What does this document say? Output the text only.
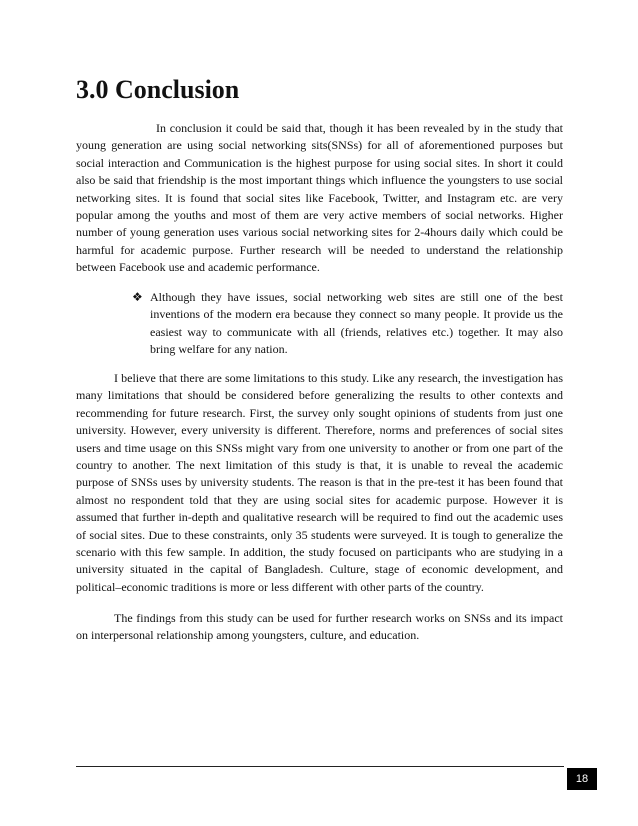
3.0 Conclusion

In conclusion it could be said that, though it has been revealed by in the study that young generation are using social networking sits(SNSs) for all of aforementioned purposes but social interaction and Communication is the highest purpose for using social sites. In short it could also be said that friendship is the most important things which influence the youngsters to use social networking sites. It is found that social sites like Facebook, Twitter, and Instagram etc. are very popular among the youths and most of them are very active members of social networks. Higher number of young generation uses various social networking sites for 2-4hours daily which could be harmful for academic purpose. Further research will be needed to understand the relationship between Facebook use and academic performance.

❖ Although they have issues, social networking web sites are still one of the best inventions of the modern era because they connect so many people. It provide us the easiest way to communicate with all (friends, relatives etc.) together. It may also bring welfare for any nation.

I believe that there are some limitations to this study. Like any research, the investigation has many limitations that should be considered before generalizing the results to other contexts and recommending for future research. First, the survey only sought opinions of students from just one university. However, every university is different. Therefore, norms and preferences of social sites users and time usage on this SNSs might vary from one university to another or from one part of the country to another. The next limitation of this study is that, it is unable to reveal the academic purpose of SNSs uses by university students. The reason is that in the pre-test it has been found that almost no respondent told that they are using social sites for academic purpose. However it is assumed that further in-depth and qualitative research will be required to find out the academic uses of social sites. Due to these constraints, only 35 students were surveyed. It is tough to generalize the scenario with this few sample. In addition, the study focused on participants who are studying in a university situated in the capital of Bangladesh. Culture, stage of economic development, and political–economic traditions is more or less different with other parts of the country.

The findings from this study can be used for further research works on SNSs and its impact on interpersonal relationship among youngsters, culture, and education.

18
